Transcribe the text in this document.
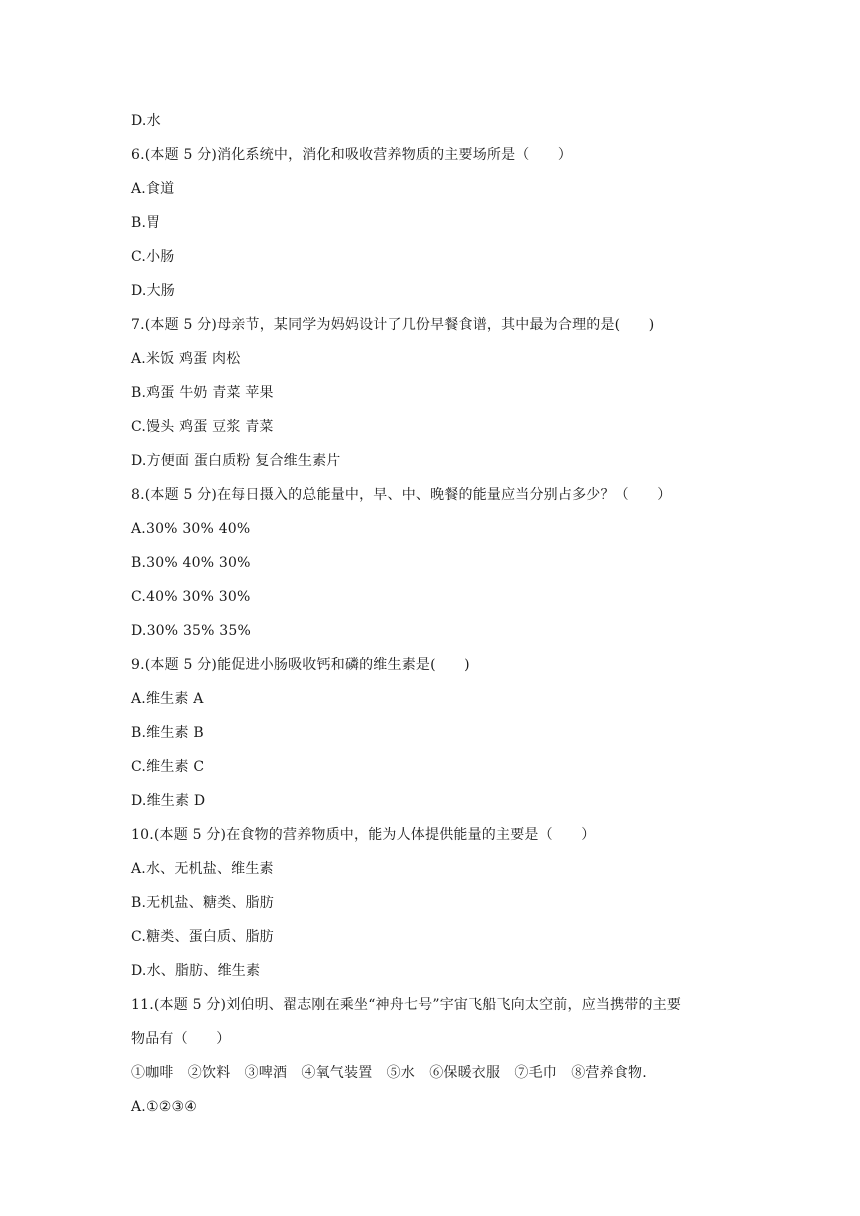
D.水
6.(本题 5 分)消化系统中，消化和吸收营养物质的主要场所是（　　）
A.食道
B.胃
C.小肠
D.大肠
7.(本题 5 分)母亲节，某同学为妈妈设计了几份早餐食谱，其中最为合理的是(　　)
A.米饭 鸡蛋 肉松
B.鸡蛋 牛奶 青菜 苹果
C.馒头 鸡蛋 豆浆 青菜
D.方便面 蛋白质粉 复合维生素片
8.(本题 5 分)在每日摄入的总能量中，早、中、晚餐的能量应当分别占多少？（　　）
A.30% 30% 40%
B.30% 40% 30%
C.40% 30% 30%
D.30% 35% 35%
9.(本题 5 分)能促进小肠吸收钙和磷的维生素是(　　)
A.维生素 A
B.维生素 B
C.维生素 C
D.维生素 D
10.(本题 5 分)在食物的营养物质中，能为人体提供能量的主要是（　　）
A.水、无机盐、维生素
B.无机盐、糖类、脂肪
C.糖类、蛋白质、脂肪
D.水、脂肪、维生素
11.(本题 5 分)刘伯明、翟志刚在乘坐“神舟七号”宇宙飞船飞向太空前，应当携带的主要
物品有（　　）
①咖啡　②饮料　③啤酒　④氧气装置　⑤水　⑥保暖衣服　⑦毛巾　⑧营养食物.
A.①②③④
